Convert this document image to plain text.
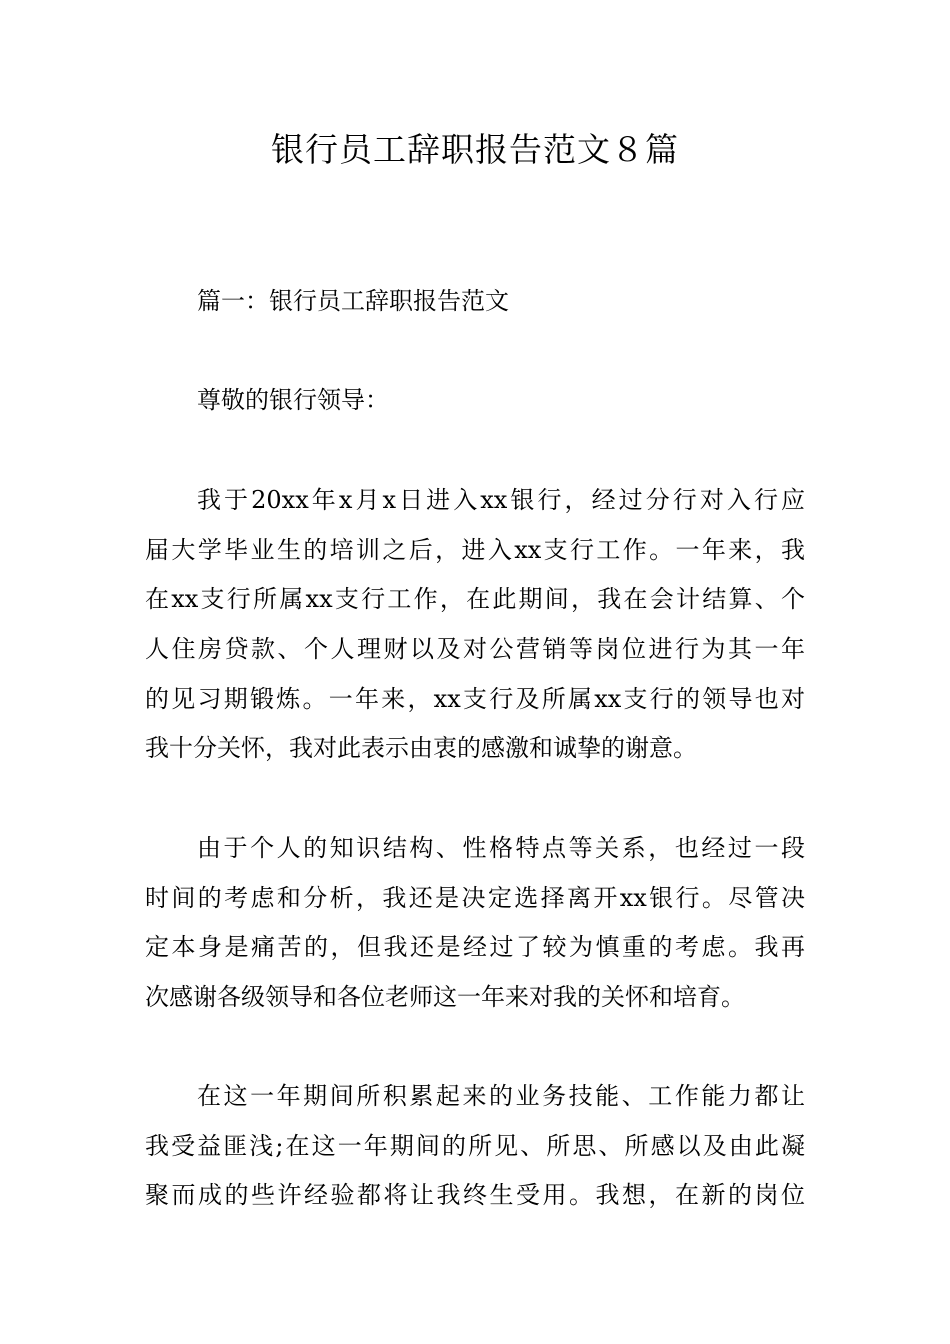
银行员工辞职报告范文８篇

篇一：银行员工辞职报告范文

尊敬的银行领导：

我于20xx年x月x日进入xx银行，经过分行对入行应
届大学毕业生的培训之后，进入xx支行工作。一年来，我
在xx支行所属xx支行工作，在此期间，我在会计结算、个
人住房贷款、个人理财以及对公营销等岗位进行为其一年
的见习期锻炼。一年来，xx支行及所属xx支行的领导也对
我十分关怀，我对此表示由衷的感激和诚挚的谢意。
由于个人的知识结构、性格特点等关系，也经过一段
时间的考虑和分析，我还是决定选择离开xx银行。尽管决
定本身是痛苦的，但我还是经过了较为慎重的考虑。我再
次感谢各级领导和各位老师这一年来对我的关怀和培育。
在这一年期间所积累起来的业务技能、工作能力都让
我受益匪浅;在这一年期间的所见、所思、所感以及由此凝
聚而成的些许经验都将让我终生受用。我想，在新的岗位
